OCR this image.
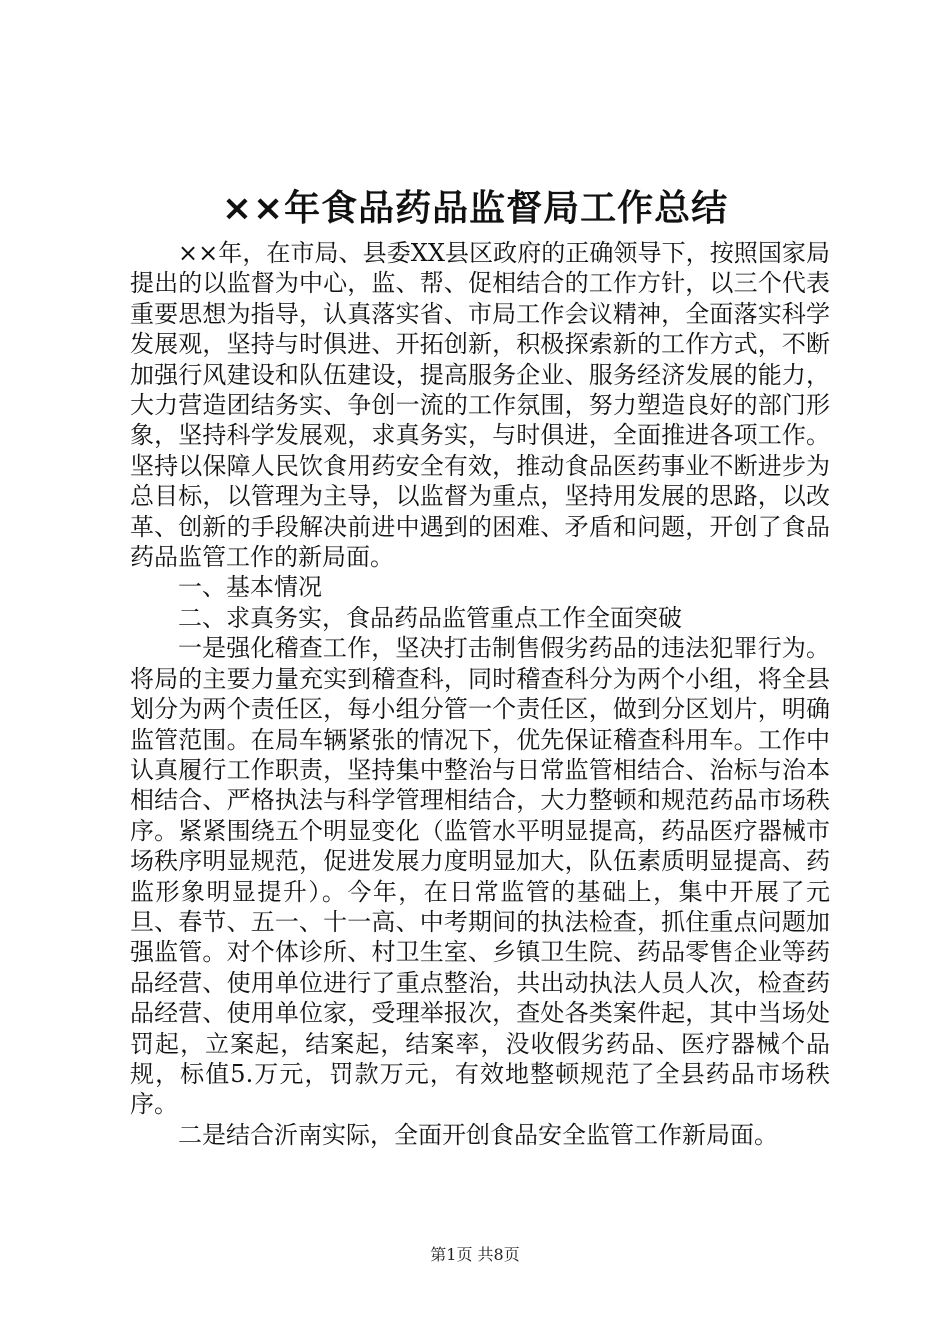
××年食品药品监督局工作总结

××年，在市局、县委XX县区政府的正确领导下，按照国家局提出的以监督为中心，监、帮、促相结合的工作方针，以三个代表重要思想为指导，认真落实省、市局工作会议精神，全面落实科学发展观，坚持与时俱进、开拓创新，积极探索新的工作方式，不断加强行风建设和队伍建设，提高服务企业、服务经济发展的能力，大力营造团结务实、争创一流的工作氛围，努力塑造良好的部门形象，坚持科学发展观，求真务实，与时俱进，全面推进各项工作。坚持以保障人民饮食用药安全有效，推动食品医药事业不断进步为总目标，以管理为主导，以监督为重点，坚持用发展的思路，以改革、创新的手段解决前进中遇到的困难、矛盾和问题，开创了食品药品监管工作的新局面。

一、基本情况

二、求真务实，食品药品监管重点工作全面突破

一是强化稽查工作，坚决打击制售假劣药品的违法犯罪行为。将局的主要力量充实到稽查科，同时稽查科分为两个小组，将全县划分为两个责任区，每小组分管一个责任区，做到分区划片，明确监管范围。在局车辆紧张的情况下，优先保证稽查科用车。工作中认真履行工作职责，坚持集中整治与日常监管相结合、治标与治本相结合、严格执法与科学管理相结合，大力整顿和规范药品市场秩序。紧紧围绕五个明显变化（监管水平明显提高，药品医疗器械市场秩序明显规范，促进发展力度明显加大，队伍素质明显提高、药监形象明显提升）。今年，在日常监管的基础上，集中开展了元旦、春节、五一、十一高、中考期间的执法检查，抓住重点问题加强监管。对个体诊所、村卫生室、乡镇卫生院、药品零售企业等药品经营、使用单位进行了重点整治，共出动执法人员人次，检查药品经营、使用单位家，受理举报次，查处各类案件起，其中当场处罚起，立案起，结案起，结案率，没收假劣药品、医疗器械个品规，标值5.万元，罚款万元，有效地整顿规范了全县药品市场秩序。

二是结合沂南实际，全面开创食品安全监管工作新局面。

第1页 共8页
